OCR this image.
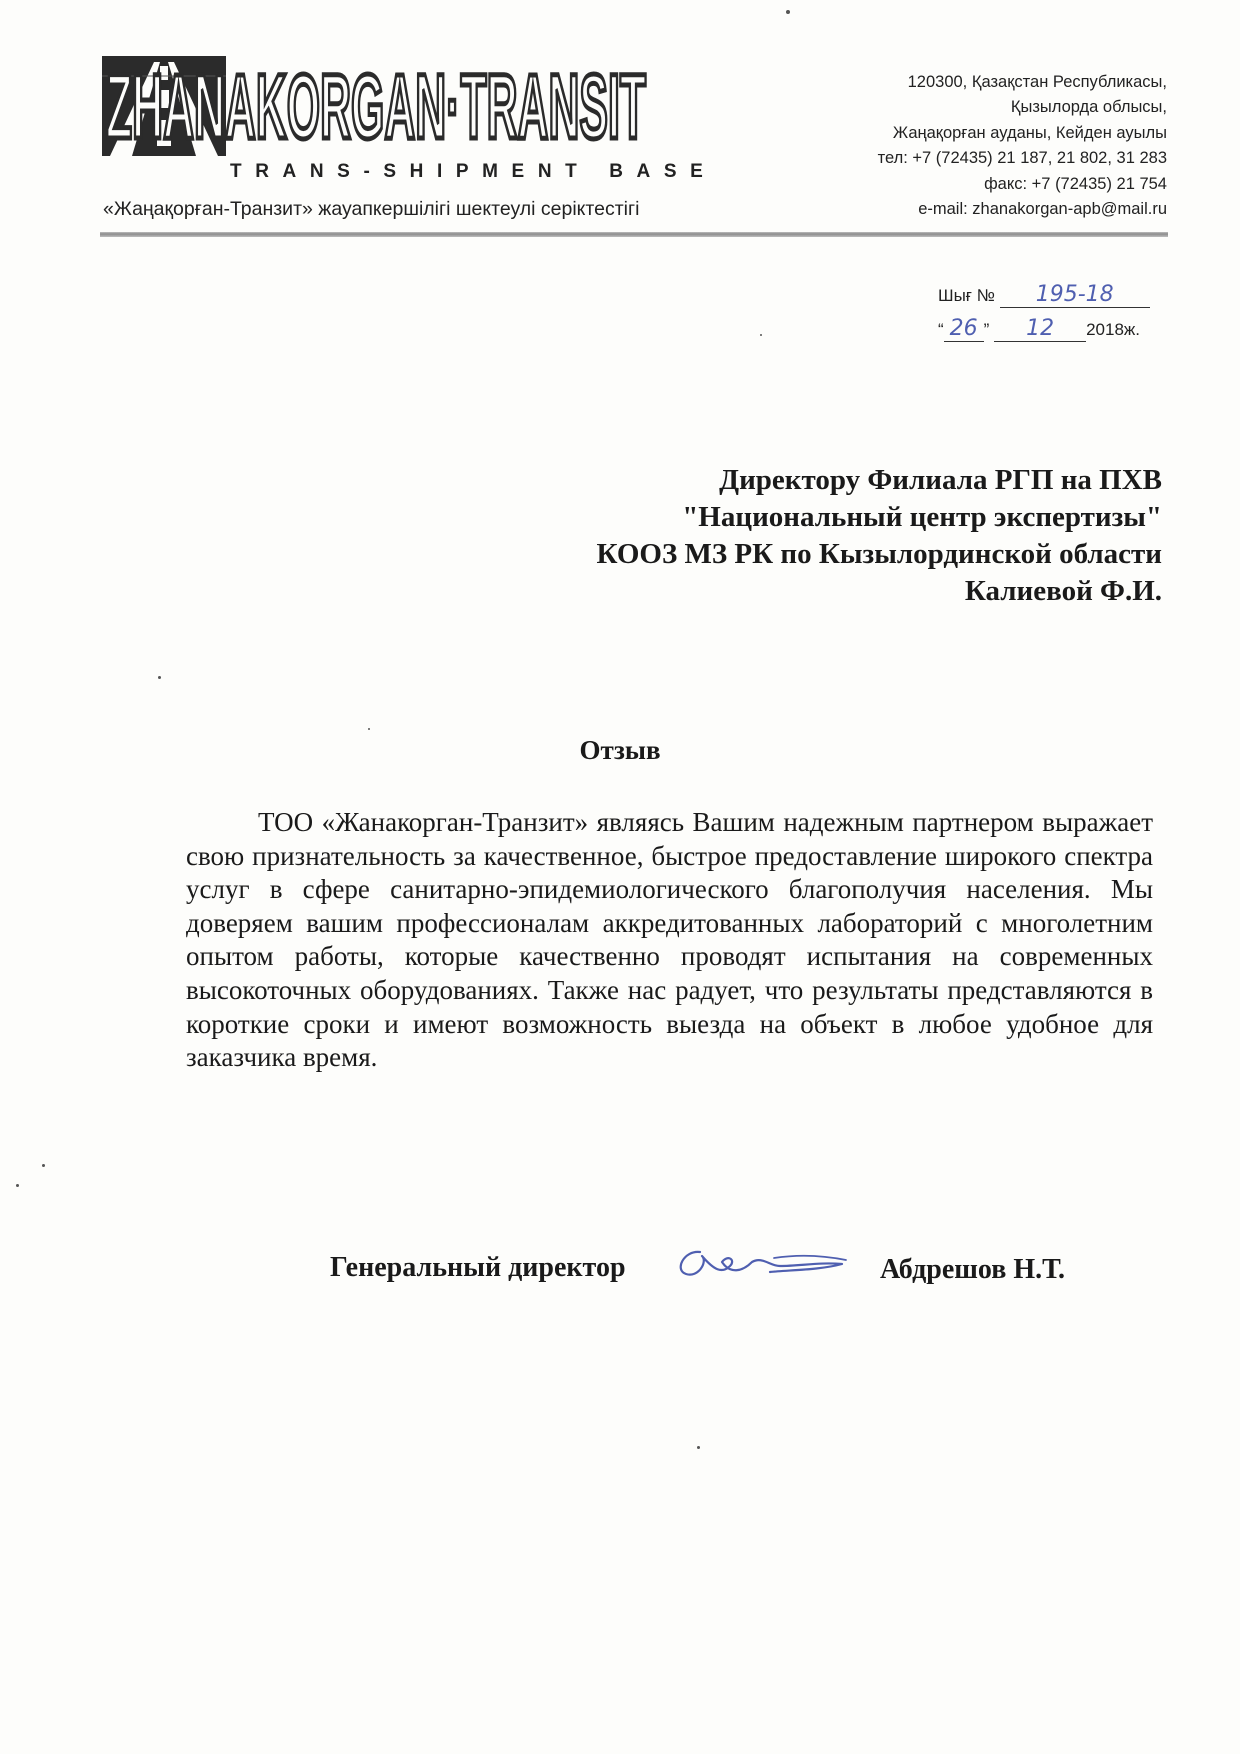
ZHANAKORGAN·TRANSIT
ZHANAKORGAN·TRANSIT
TRANS-SHIPMENT BASE
«Жаңақорған-Транзит» жауапкершілігі шектеулі серіктестігі
120300, Қазақстан Республикасы,
Қызылорда облысы,
Жаңақорған ауданы, Кейден ауылы
тел: +7 (72435) 21 187, 21 802, 31 283
факс: +7 (72435) 21 754
e-mail: zhanakorgan-apb@mail.ru
Шығ № 195-18
“ 26 ” 12 2018ж.
Директору Филиала РГП на ПХВ
"Национальный центр экспертизы"
КООЗ МЗ РК по Кызылординской области
Калиевой Ф.И.
Отзыв

ТОО «Жанакорган-Транзит» являясь Вашим надежным партнером выражает свою признательность за качественное, быстрое предоставление широкого спектра услуг в сфере санитарно-эпидемиологического благополучия населения. Мы доверяем вашим профессионалам аккредитованных лабораторий с многолетним опытом работы, которые качественно проводят испытания на современных высокоточных оборудованиях. Также нас радует, что результаты представляются в короткие сроки и имеют возможность выезда на объект в любое удобное для заказчика время.

Генеральный директор	Абдрешов Н.Т.
